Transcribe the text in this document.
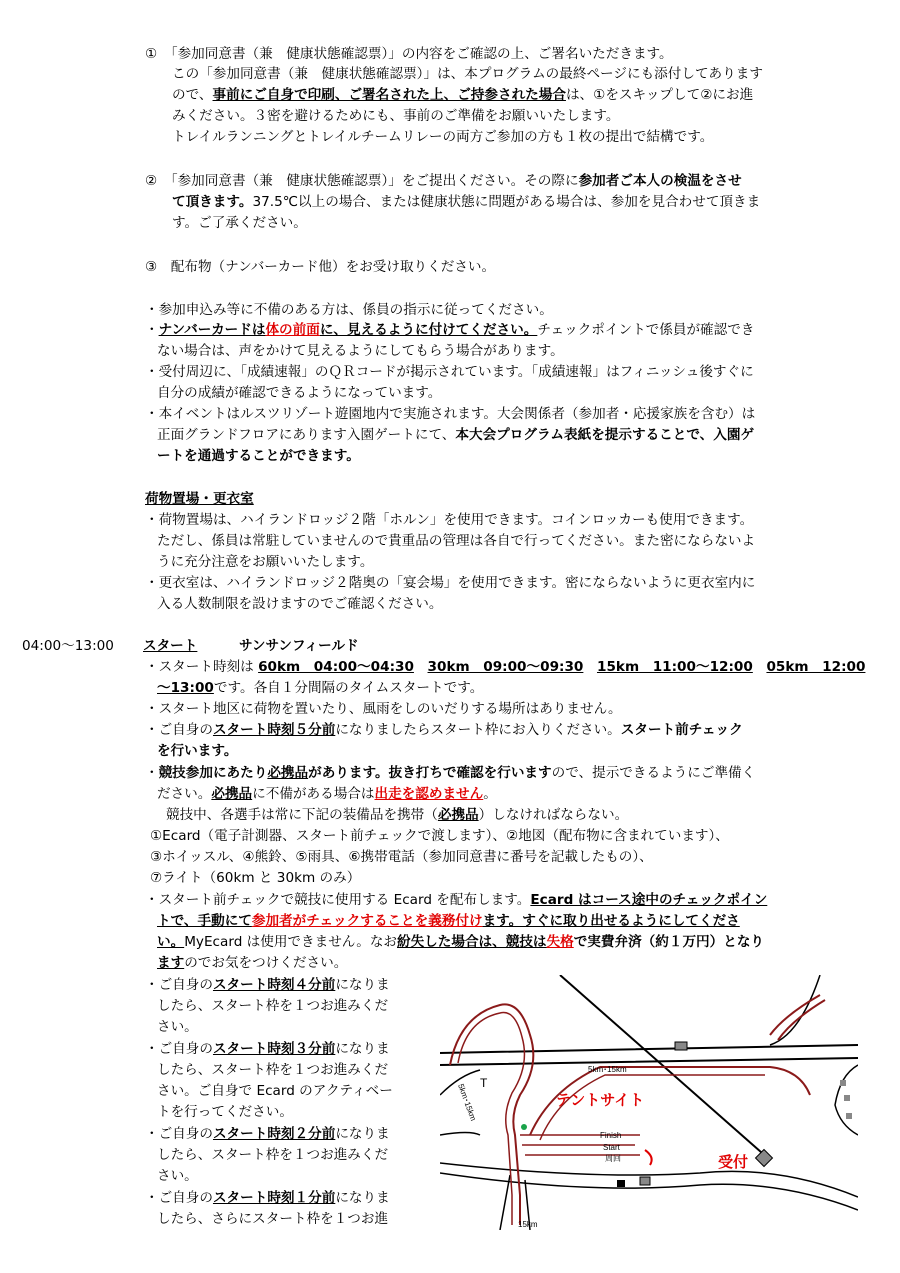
①　「参加同意書（兼　健康状態確認票）」の内容をご確認の上、ご署名いただきます。
この「参加同意書（兼　健康状態確認票）」は、本プログラムの最終ページにも添付してあります
ので、事前にご自身で印刷、ご署名された上、ご持参された場合は、①をスキップして②にお進
みください。３密を避けるためにも、事前のご準備をお願いいたします。
トレイルランニングとトレイルチームリレーの両方ご参加の方も１枚の提出で結構です。
②　「参加同意書（兼　健康状態確認票）」をご提出ください。その際に参加者ご本人の検温をさせ
て頂きます。37.5℃以上の場合、または健康状態に問題がある場合は、参加を見合わせて頂きま
す。ご了承ください。
③　配布物（ナンバーカード他）をお受け取りください。
・参加申込み等に不備のある方は、係員の指示に従ってください。
・ナンバーカードは体の前面に、見えるように付けてください。チェックポイントで係員が確認でき
ない場合は、声をかけて見えるようにしてもらう場合があります。
・受付周辺に、「成績速報」のＱＲコードが掲示されています。「成績速報」はフィニッシュ後すぐに
自分の成績が確認できるようになっています。
・本イベントはルスツリゾート遊園地内で実施されます。大会関係者（参加者・応援家族を含む）は
正面グランドフロアにあります入園ゲートにて、本大会プログラム表紙を提示することで、入園ゲ
ートを通過することができます。
荷物置場・更衣室
・荷物置場は、ハイランドロッジ２階「ホルン」を使用できます。コインロッカーも使用できます。
ただし、係員は常駐していませんので貴重品の管理は各自で行ってください。また密にならないよ
うに充分注意をお願いいたします。
・更衣室は、ハイランドロッジ２階奥の「宴会場」を使用できます。密にならないように更衣室内に
入る人数制限を設けますのでご確認ください。
04:00～13:00 スタート	サンサンフィールド
・スタート時刻は 60km　04:00～04:30　 30km　09:00～09:30　 15km　11:00～12:00　 05km　12:00
～13:00です。各自１分間隔のタイムスタートです。
・スタート地区に荷物を置いたり、風雨をしのいだりする場所はありません。
・ご自身のスタート時刻５分前になりましたらスタート枠にお入りください。スタート前チェック
を行います。
・競技参加にあたり必携品があります。抜き打ちで確認を行いますので、提示できるようにご準備く
ださい。必携品に不備がある場合は出走を認めません。
競技中、各選手は常に下記の装備品を携帯（必携品）しなければならない。
①Ecard（電子計測器、スタート前チェックで渡します）、②地図（配布物に含まれています）、
③ホイッスル、④熊鈴、⑤雨具、⑥携帯電話（参加同意書に番号を記載したもの）、
⑦ライト（60km と 30km のみ）
・スタート前チェックで競技に使用する Ecard を配布します。Ecard はコース途中のチェックポイン
トで、手動にて参加者がチェックすることを義務付けます。すぐに取り出せるようにしてくださ
い。MyEcard は使用できません。なお紛失した場合は、競技は失格で実費弁済（約１万円）となり
ますのでお気をつけください。
・ご自身のスタート時刻４分前になりま
したら、スタート枠を１つお進みくだ
さい。
・ご自身のスタート時刻３分前になりま
したら、スタート枠を１つお進みくだ
さい。ご自身で Ecard のアクティベー
トを行ってください。
・ご自身のスタート時刻２分前になりま
したら、スタート枠を１つお進みくだ
さい。
・ご自身のスタート時刻１分前になりま
したら、さらにスタート枠を１つお進
5km･15km
5km･15km
15km
T
テントサイト
Finish
Start
周回	受付
